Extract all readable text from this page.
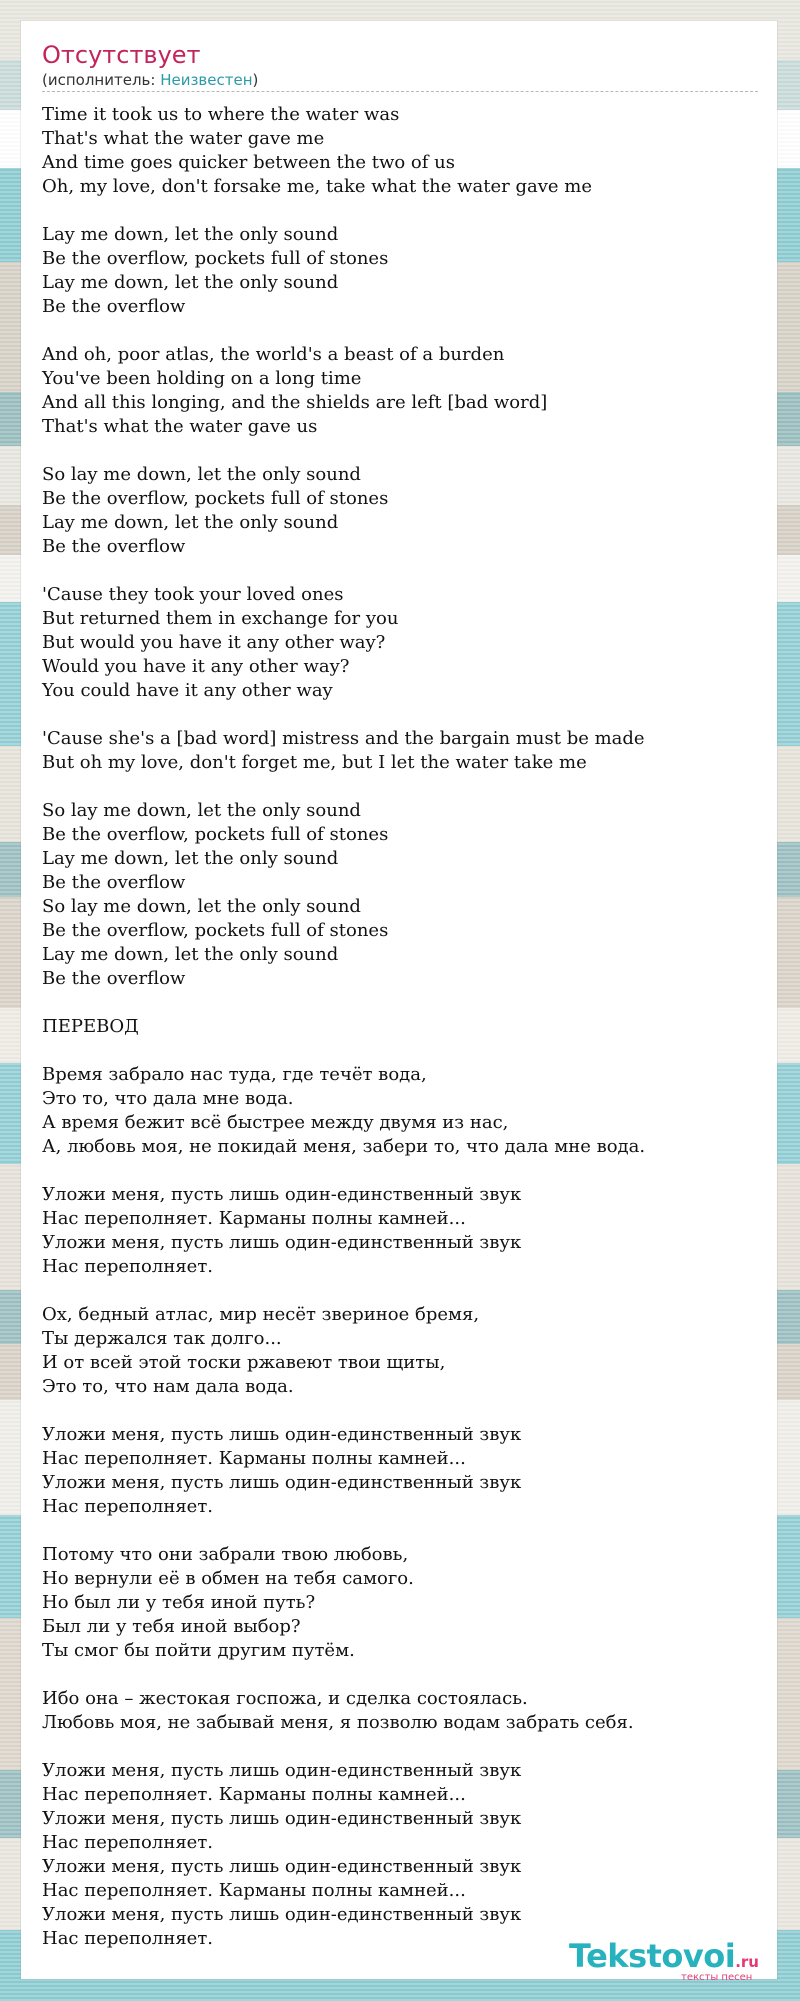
Отсутствует
(исполнитель: Неизвестен)
Time it took us to where the water was
That's what the water gave me
And time goes quicker between the two of us
Oh, my love, don't forsake me, take what the water gave me

Lay me down, let the only sound
Be the overflow, pockets full of stones
Lay me down, let the only sound
Be the overflow

And oh, poor atlas, the world's a beast of a burden
You've been holding on a long time
And all this longing, and the shields are left [bad word]
That's what the water gave us

So lay me down, let the only sound
Be the overflow, pockets full of stones
Lay me down, let the only sound
Be the overflow

'Cause they took your loved ones
But returned them in exchange for you
But would you have it any other way?
Would you have it any other way?
You could have it any other way

'Cause she's a [bad word] mistress and the bargain must be made
But oh my love, don't forget me, but I let the water take me

So lay me down, let the only sound
Be the overflow, pockets full of stones
Lay me down, let the only sound
Be the overflow
So lay me down, let the only sound
Be the overflow, pockets full of stones
Lay me down, let the only sound
Be the overflow

ПЕРЕВОД

Время забрало нас туда, где течёт вода,
Это то, что дала мне вода.
А время бежит всё быстрее между двумя из нас,
А, любовь моя, не покидай меня, забери то, что дала мне вода.

Уложи меня, пусть лишь один-единственный звук
Нас переполняет. Карманы полны камней...
Уложи меня, пусть лишь один-единственный звук
Нас переполняет.

Ох, бедный атлас, мир несёт звериное бремя,
Ты держался так долго...
И от всей этой тоски ржавеют твои щиты,
Это то, что нам дала вода.

Уложи меня, пусть лишь один-единственный звук
Нас переполняет. Карманы полны камней...
Уложи меня, пусть лишь один-единственный звук
Нас переполняет.

Потому что они забрали твою любовь,
Но вернули её в обмен на тебя самого.
Но был ли у тебя иной путь?
Был ли у тебя иной выбор?
Ты смог бы пойти другим путём.

Ибо она – жестокая госпожа, и сделка состоялась.
Любовь моя, не забывай меня, я позволю водам забрать себя.

Уложи меня, пусть лишь один-единственный звук
Нас переполняет. Карманы полны камней...
Уложи меня, пусть лишь один-единственный звук
Нас переполняет.
Уложи меня, пусть лишь один-единственный звук
Нас переполняет. Карманы полны камней...
Уложи меня, пусть лишь один-единственный звук
Нас переполняет.	Tekstovoi.ru
тексты песен
